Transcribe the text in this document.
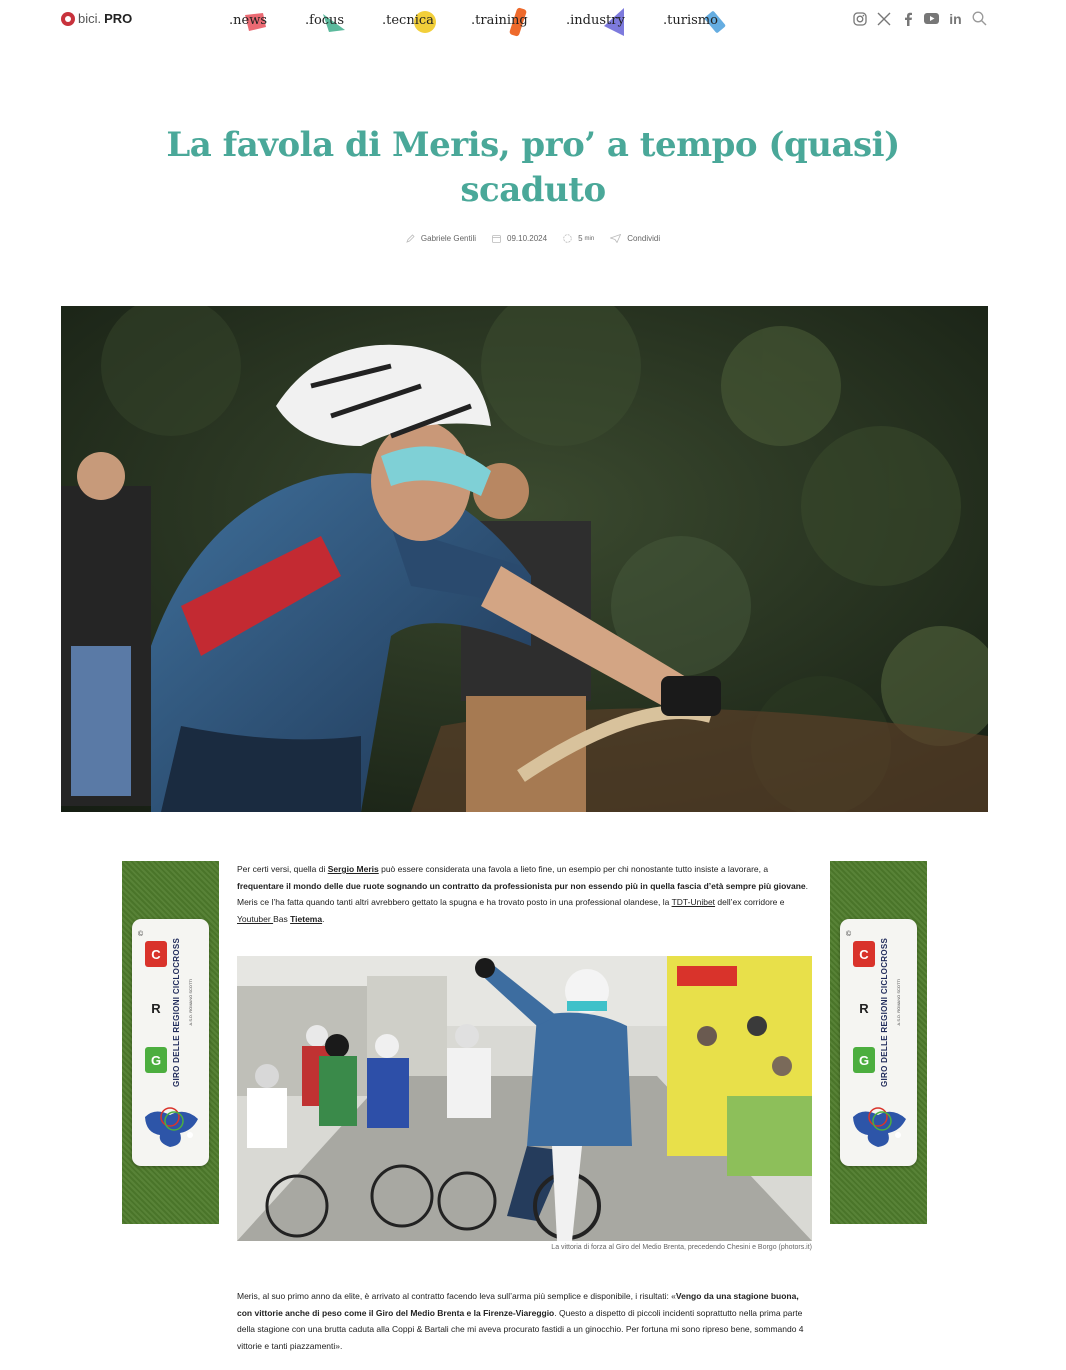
bici. PRO	.news	.focus	.tecnica	.training	.industry	.turismo	in
La favola di Meris, pro’ a tempo (quasi) scaduto
Gabriele Gentili	09.10.2024	5 min	Condividi
©
C
R
G	GIRO DELLE REGIONI CICLOCROSS	A.S.D. ROMANO SCOTTI
©
C
R
G	GIRO DELLE REGIONI CICLOCROSS	A.S.D. ROMANO SCOTTI

Per certi versi, quella di Sergio Meris può essere considerata una favola a lieto fine, un esempio per chi nonostante tutto insiste a lavorare, a frequentare il mondo delle due ruote sognando un contratto da professionista pur non essendo più in quella fascia d’età sempre più giovane. Meris ce l’ha fatta quando tanti altri avrebbero gettato la spugna e ha trovato posto in una professional olandese, la TDT-Unibet dell’ex corridore e Youtuber Bas Tietema.

La vittoria di forza al Giro del Medio Brenta, precedendo Chesini e Borgo (photors.it)

Meris, al suo primo anno da elite, è arrivato al contratto facendo leva sull’arma più semplice e disponibile, i risultati: «Vengo da una stagione buona, con vittorie anche di peso come il Giro del Medio Brenta e la Firenze-Viareggio. Questo a dispetto di piccoli incidenti soprattutto nella prima parte della stagione con una brutta caduta alla Coppi & Bartali che mi aveva procurato fastidi a un ginocchio. Per fortuna mi sono ripreso bene, sommando 4 vittorie e tanti piazzamenti».
